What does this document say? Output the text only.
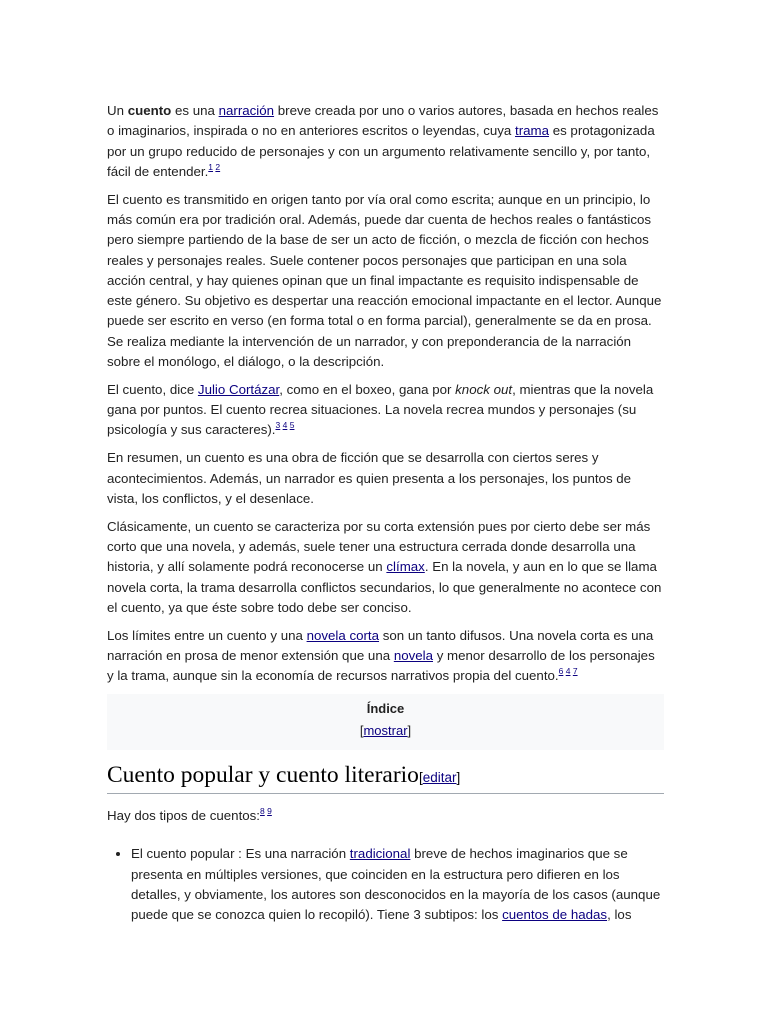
Un cuento es una narración breve creada por uno o varios autores, basada en hechos reales o imaginarios, inspirada o no en anteriores escritos o leyendas, cuya trama es protagonizada por un grupo reducido de personajes y con un argumento relativamente sencillo y, por tanto, fácil de entender.$^{1 2}$

El cuento es transmitido en origen tanto por vía oral como escrita; aunque en un principio, lo más común era por tradición oral. Además, puede dar cuenta de hechos reales o fantásticos pero siempre partiendo de la base de ser un acto de ficción, o mezcla de ficción con hechos reales y personajes reales. Suele contener pocos personajes que participan en una sola acción central, y hay quienes opinan que un final impactante es requisito indispensable de este género. Su objetivo es despertar una reacción emocional impactante en el lector. Aunque puede ser escrito en verso (en forma total o en forma parcial), generalmente se da en prosa. Se realiza mediante la intervención de un narrador, y con preponderancia de la narración sobre el monólogo, el diálogo, o la descripción.

El cuento, dice Julio Cortázar, como en el boxeo, gana por knock out, mientras que la novela gana por puntos. El cuento recrea situaciones. La novela recrea mundos y personajes (su psicología y sus caracteres).$^{3 4 5}$

En resumen, un cuento es una obra de ficción que se desarrolla con ciertos seres y acontecimientos. Además, un narrador es quien presenta a los personajes, los puntos de vista, los conflictos, y el desenlace.

Clásicamente, un cuento se caracteriza por su corta extensión pues por cierto debe ser más corto que una novela, y además, suele tener una estructura cerrada donde desarrolla una historia, y allí solamente podrá reconocerse un clímax. En la novela, y aun en lo que se llama novela corta, la trama desarrolla conflictos secundarios, lo que generalmente no acontece con el cuento, ya que éste sobre todo debe ser conciso.

Los límites entre un cuento y una novela corta son un tanto difusos. Una novela corta es una narración en prosa de menor extensión que una novela y menor desarrollo de los personajes y la trama, aunque sin la economía de recursos narrativos propia del cuento.$^{6 4 7}$

Índice
[mostrar]
Cuento popular y cuento literario[editar]

Hay dos tipos de cuentos:$^{8 9}$

• El cuento popular : Es una narración tradicional breve de hechos imaginarios que se presenta en múltiples versiones, que coinciden en la estructura pero difieren en los detalles, y obviamente, los autores son desconocidos en la mayoría de los casos (aunque puede que se conozca quien lo recopiló). Tiene 3 subtipos: los cuentos de hadas, los
